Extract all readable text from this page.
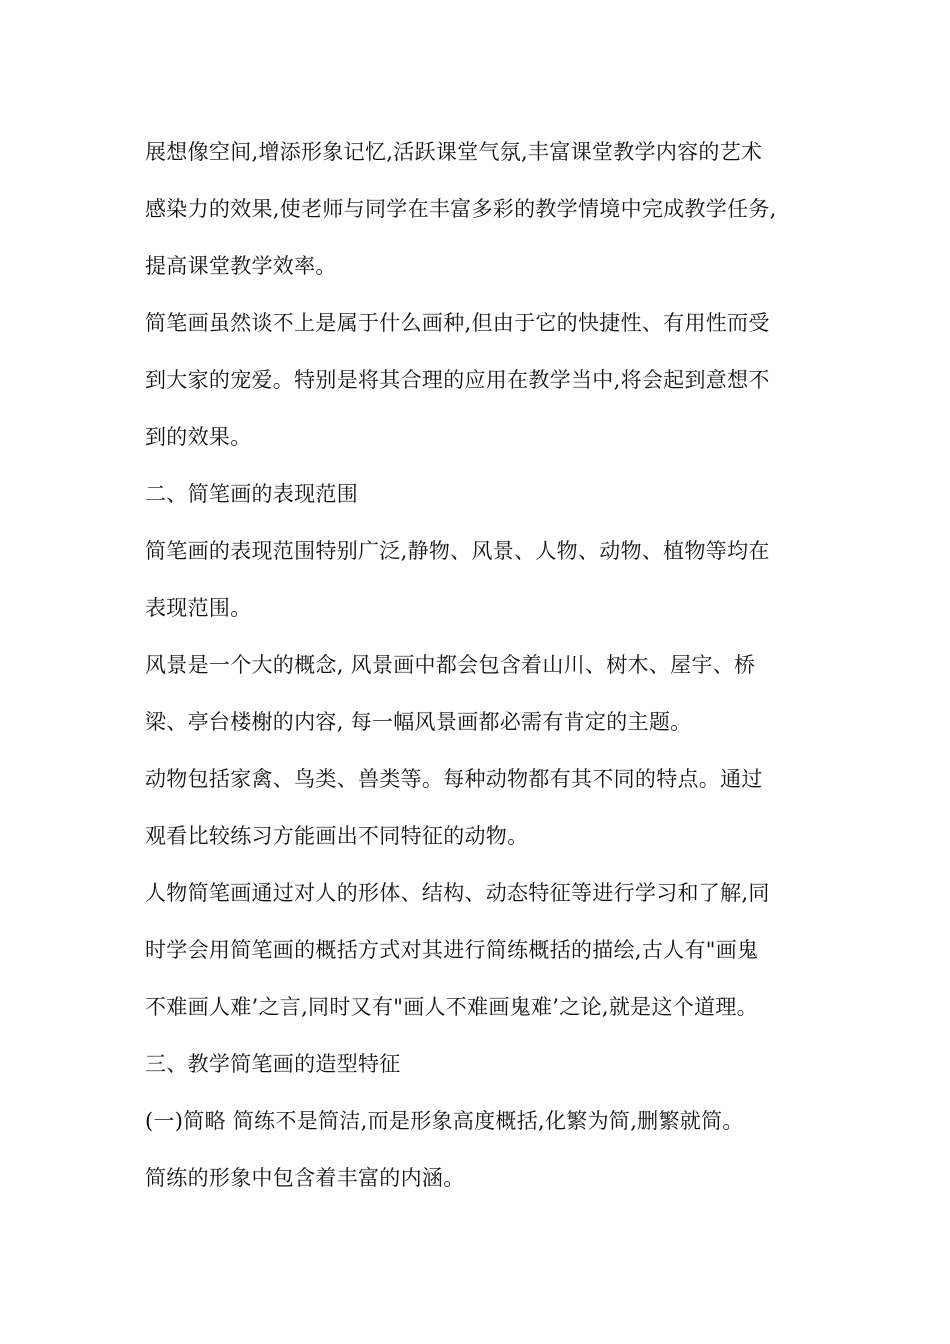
展想像空间,增添形象记忆,活跃课堂气氛,丰富课堂教学内容的艺术
感染力的效果,使老师与同学在丰富多彩的教学情境中完成教学任务,
提高课堂教学效率。
简笔画虽然谈不上是属于什么画种,但由于它的快捷性、有用性而受
到大家的宠爱。特别是将其合理的应用在教学当中,将会起到意想不
到的效果。
二、简笔画的表现范围
简笔画的表现范围特别广泛,静物、风景、人物、动物、植物等均在
表现范围。
风景是一个大的概念, 风景画中都会包含着山川、树木、屋宇、桥
梁、亭台楼榭的内容, 每一幅风景画都必需有肯定的主题。
动物包括家禽、鸟类、兽类等。每种动物都有其不同的特点。通过
观看比较练习方能画出不同特征的动物。
人物简笔画通过对人的形体、结构、动态特征等进行学习和了解,同
时学会用简笔画的概括方式对其进行简练概括的描绘,古人有"画鬼
不难画人难’之言,同时又有"画人不难画鬼难’之论,就是这个道理。
三、教学简笔画的造型特征
(一)简略 简练不是简洁,而是形象高度概括,化繁为简,删繁就简。
简练的形象中包含着丰富的内涵。
